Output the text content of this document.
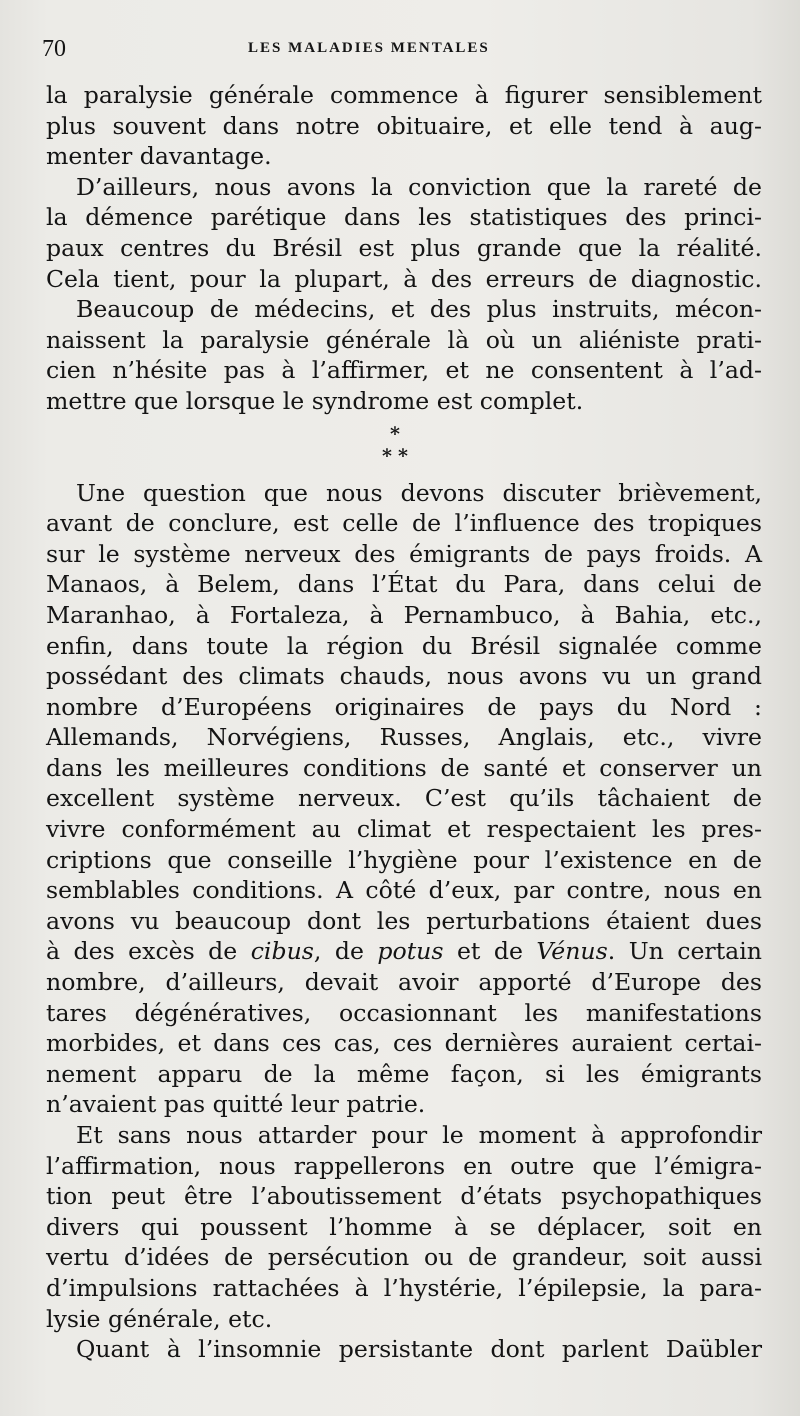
70	LES MALADIES MENTALES
la paralysie générale commence à figurer sensiblement
plus souvent dans notre obituaire, et elle tend à aug-
menter davantage.
D’ailleurs, nous avons la conviction que la rareté de
la démence parétique dans les statistiques des princi-
paux centres du Brésil est plus grande que la réalité.
Cela tient, pour la plupart, à des erreurs de diagnostic.
Beaucoup de médecins, et des plus instruits, mécon-
naissent la paralysie générale là où un aliéniste prati-
cien n’hésite pas à l’affirmer, et ne consentent à l’ad-
mettre que lorsque le syndrome est complet.
*
* *
Une question que nous devons discuter brièvement,
avant de conclure, est celle de l’influence des tropiques
sur le système nerveux des émigrants de pays froids. A
Manaos, à Belem, dans l’État du Para, dans celui de
Maranhao, à Fortaleza, à Pernambuco, à Bahia, etc.,
enfin, dans toute la région du Brésil signalée comme
possédant des climats chauds, nous avons vu un grand
nombre d’Européens originaires de pays du Nord :
Allemands, Norvégiens, Russes, Anglais, etc., vivre
dans les meilleures conditions de santé et conserver un
excellent système nerveux. C’est qu’ils tâchaient de
vivre conformément au climat et respectaient les pres-
criptions que conseille l’hygiène pour l’existence en de
semblables conditions. A côté d’eux, par contre, nous en
avons vu beaucoup dont les perturbations étaient dues
à des excès de cibus, de potus et de Vénus. Un certain
nombre, d’ailleurs, devait avoir apporté d’Europe des
tares dégénératives, occasionnant les manifestations
morbides, et dans ces cas, ces dernières auraient certai-
nement apparu de la même façon, si les émigrants
n’avaient pas quitté leur patrie.
Et sans nous attarder pour le moment à approfondir
l’affirmation, nous rappellerons en outre que l’émigra-
tion peut être l’aboutissement d’états psychopathiques
divers qui poussent l’homme à se déplacer, soit en
vertu d’idées de persécution ou de grandeur, soit aussi
d’impulsions rattachées à l’hystérie, l’épilepsie, la para-
lysie générale, etc.
Quant à l’insomnie persistante dont parlent Daübler
